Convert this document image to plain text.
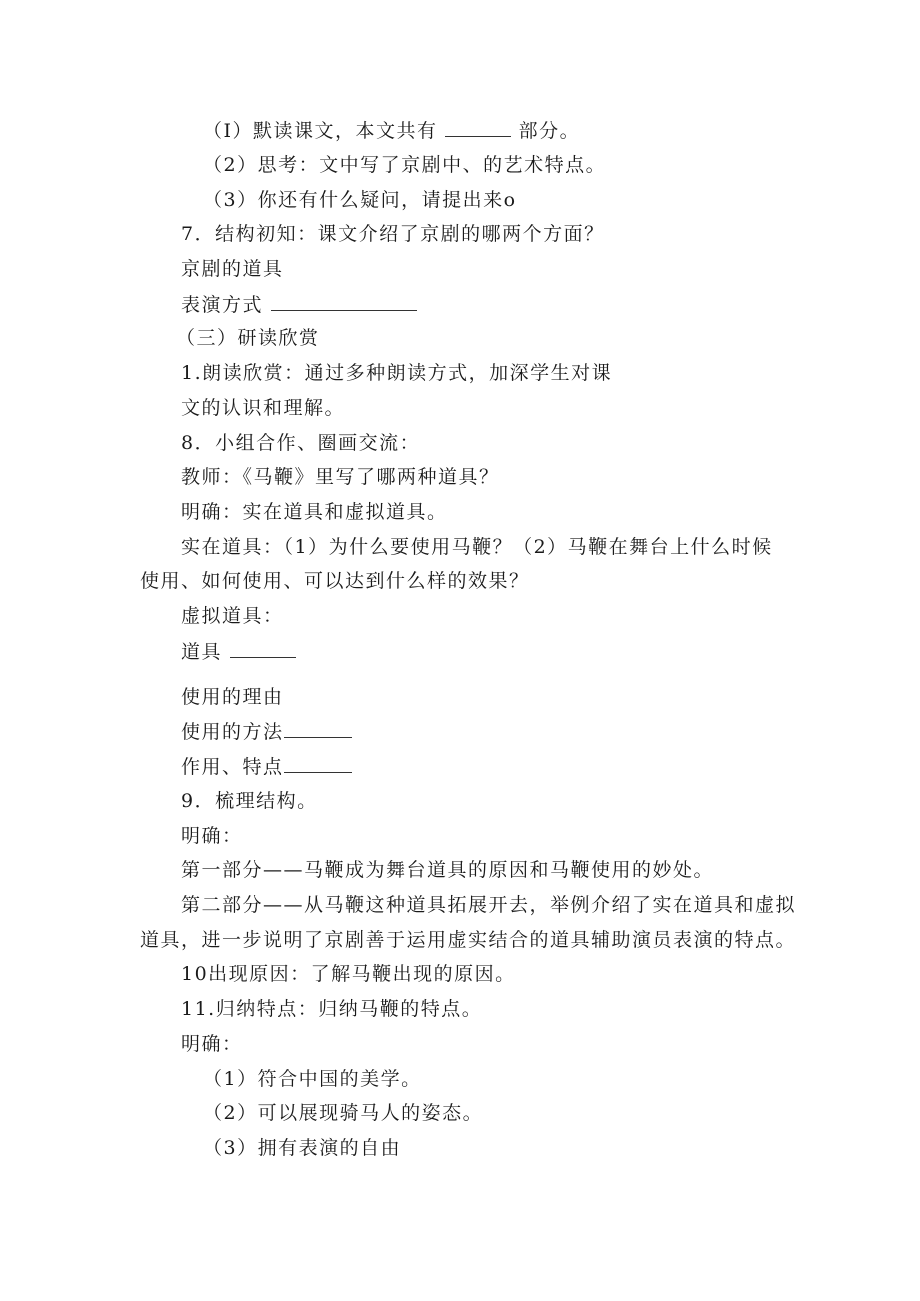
（I）默读课文，本文共有	部分。
（2）思考：文中写了京剧中、的艺术特点。
（3）你还有什么疑问，请提出来o
7．结构初知：课文介绍了京剧的哪两个方面？
京剧的道具
表演方式
（三）研读欣赏
1.朗读欣赏：通过多种朗读方式，加深学生对课
文的认识和理解。
8．小组合作、圈画交流：
教师：《马鞭》里写了哪两种道具？
明确：实在道具和虚拟道具。
实在道具：（1）为什么要使用马鞭？（2）马鞭在舞台上什么时候
使用、如何使用、可以达到什么样的效果？
虚拟道具：
道具
使用的理由
使用的方法
作用、特点
9．梳理结构。
明确：
第一部分——马鞭成为舞台道具的原因和马鞭使用的妙处。
第二部分——从马鞭这种道具拓展开去，举例介绍了实在道具和虚拟
道具，进一步说明了京剧善于运用虚实结合的道具辅助演员表演的特点。
10出现原因：了解马鞭出现的原因。
11.归纳特点：归纳马鞭的特点。
明确：
（1）符合中国的美学。
（2）可以展现骑马人的姿态。
（3）拥有表演的自由
